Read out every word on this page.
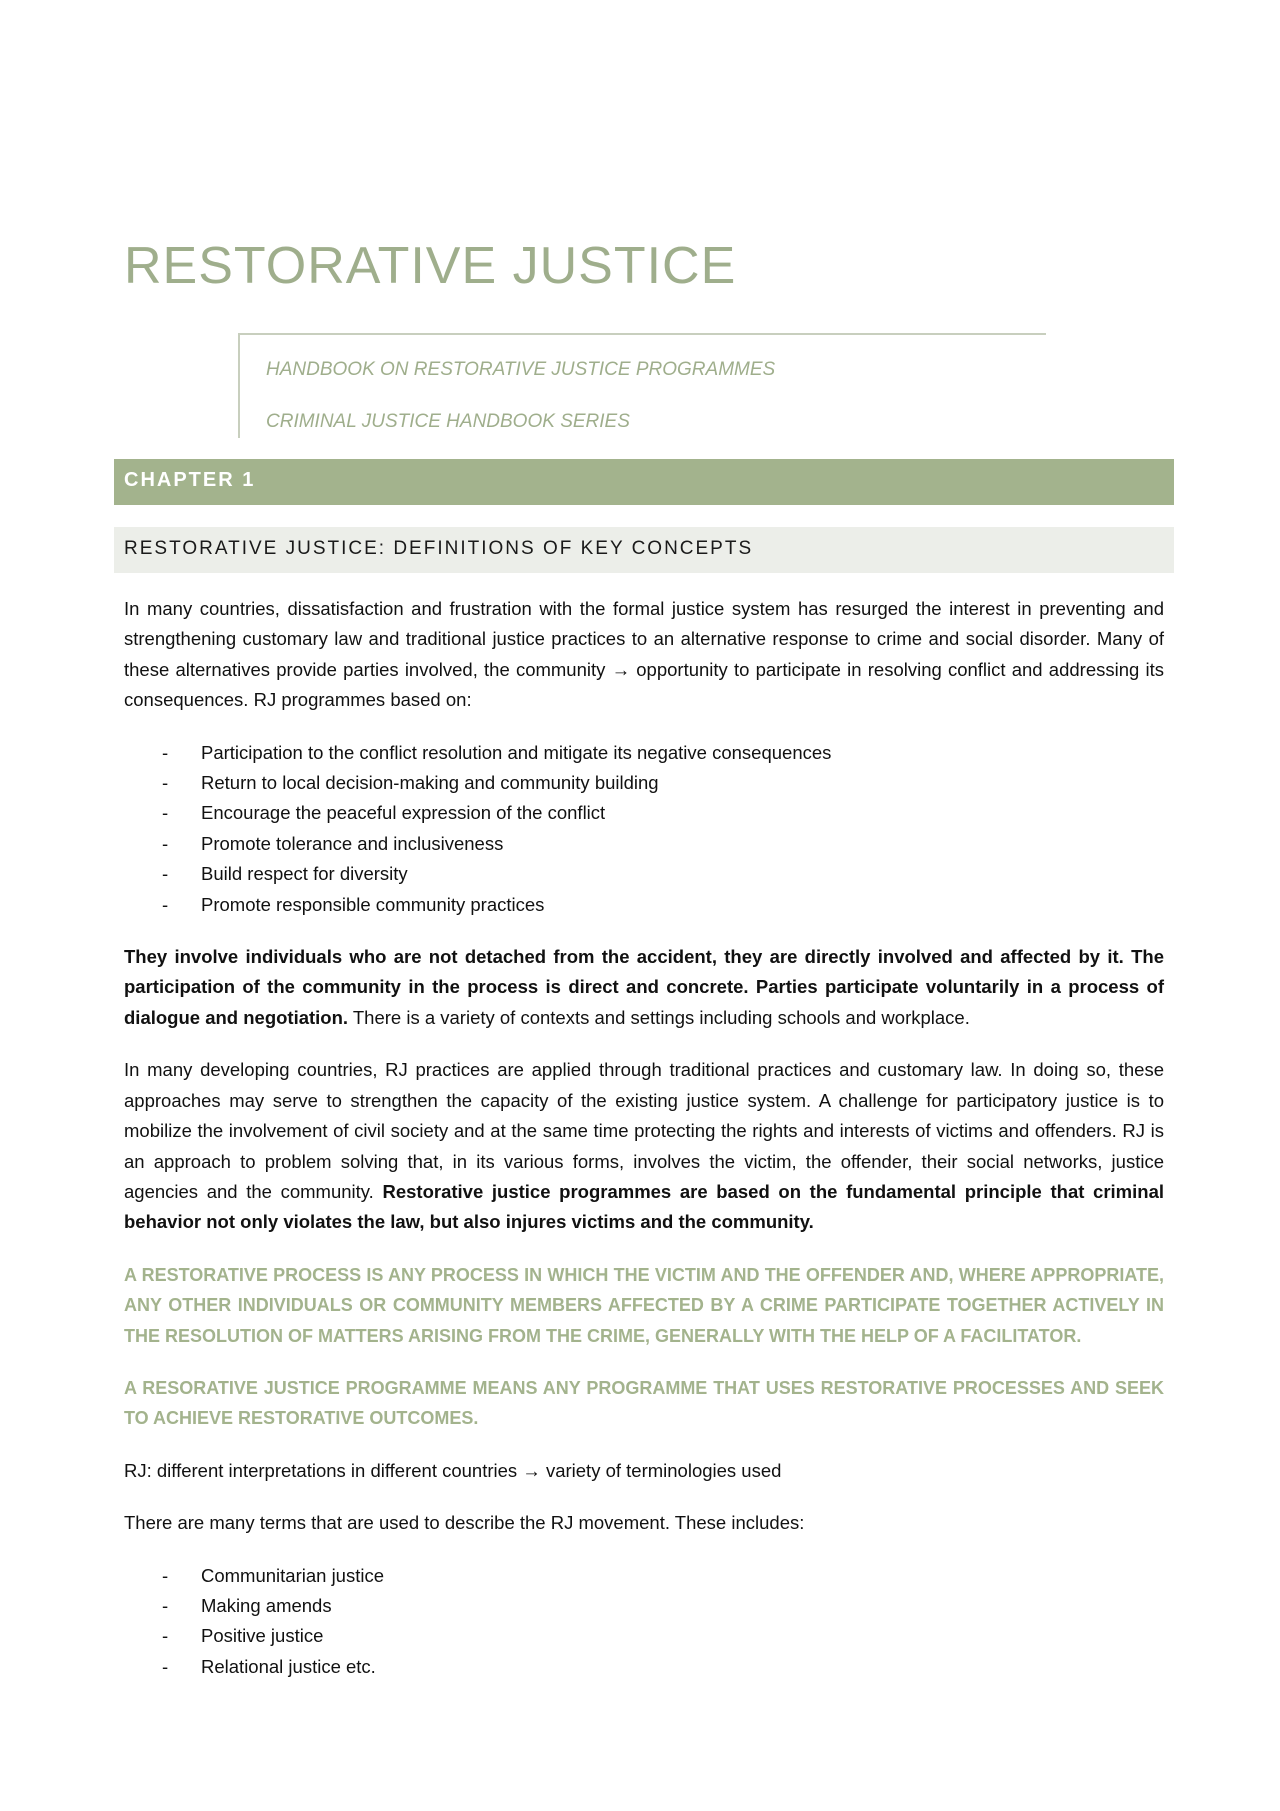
RESTORATIVE JUSTICE

HANDBOOK ON RESTORATIVE JUSTICE PROGRAMMES

CRIMINAL JUSTICE HANDBOOK SERIES

CHAPTER 1

RESTORATIVE JUSTICE: DEFINITIONS OF KEY CONCEPTS

In many countries, dissatisfaction and frustration with the formal justice system has resurged the interest in preventing and strengthening customary law and traditional justice practices to an alternative response to crime and social disorder. Many of these alternatives provide parties involved, the community → opportunity to participate in resolving conflict and addressing its consequences. RJ programmes based on:

- Participation to the conflict resolution and mitigate its negative consequences
- Return to local decision-making and community building
- Encourage the peaceful expression of the conflict
- Promote tolerance and inclusiveness
- Build respect for diversity
- Promote responsible community practices

They involve individuals who are not detached from the accident, they are directly involved and affected by it. The participation of the community in the process is direct and concrete. Parties participate voluntarily in a process of dialogue and negotiation. There is a variety of contexts and settings including schools and workplace.

In many developing countries, RJ practices are applied through traditional practices and customary law. In doing so, these approaches may serve to strengthen the capacity of the existing justice system. A challenge for participatory justice is to mobilize the involvement of civil society and at the same time protecting the rights and interests of victims and offenders. RJ is an approach to problem solving that, in its various forms, involves the victim, the offender, their social networks, justice agencies and the community. Restorative justice programmes are based on the fundamental principle that criminal behavior not only violates the law, but also injures victims and the community.

A RESTORATIVE PROCESS IS ANY PROCESS IN WHICH THE VICTIM AND THE OFFENDER AND, WHERE APPROPRIATE, ANY OTHER INDIVIDUALS OR COMMUNITY MEMBERS AFFECTED BY A CRIME PARTICIPATE TOGETHER ACTIVELY IN THE RESOLUTION OF MATTERS ARISING FROM THE CRIME, GENERALLY WITH THE HELP OF A FACILITATOR.

A RESORATIVE JUSTICE PROGRAMME MEANS ANY PROGRAMME THAT USES RESTORATIVE PROCESSES AND SEEK TO ACHIEVE RESTORATIVE OUTCOMES.

RJ: different interpretations in different countries → variety of terminologies used

There are many terms that are used to describe the RJ movement. These includes:

- Communitarian justice
- Making amends
- Positive justice
- Relational justice etc.
